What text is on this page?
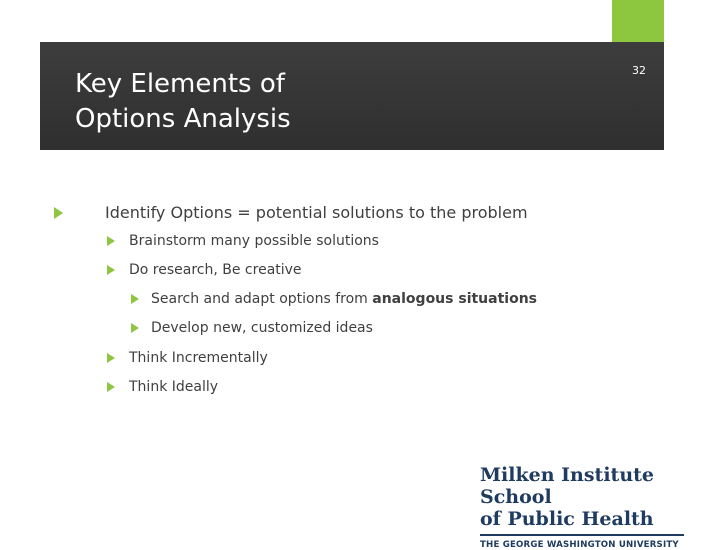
Key Elements of
Options Analysis
32
Identify Options = potential solutions to the problem
Brainstorm many possible solutions
Do research, Be creative
Search and adapt options from analogous situations
Develop new, customized ideas
Think Incrementally
Think Ideally
Milken Institute School
of Public Health
THE GEORGE WASHINGTON UNIVERSITY
